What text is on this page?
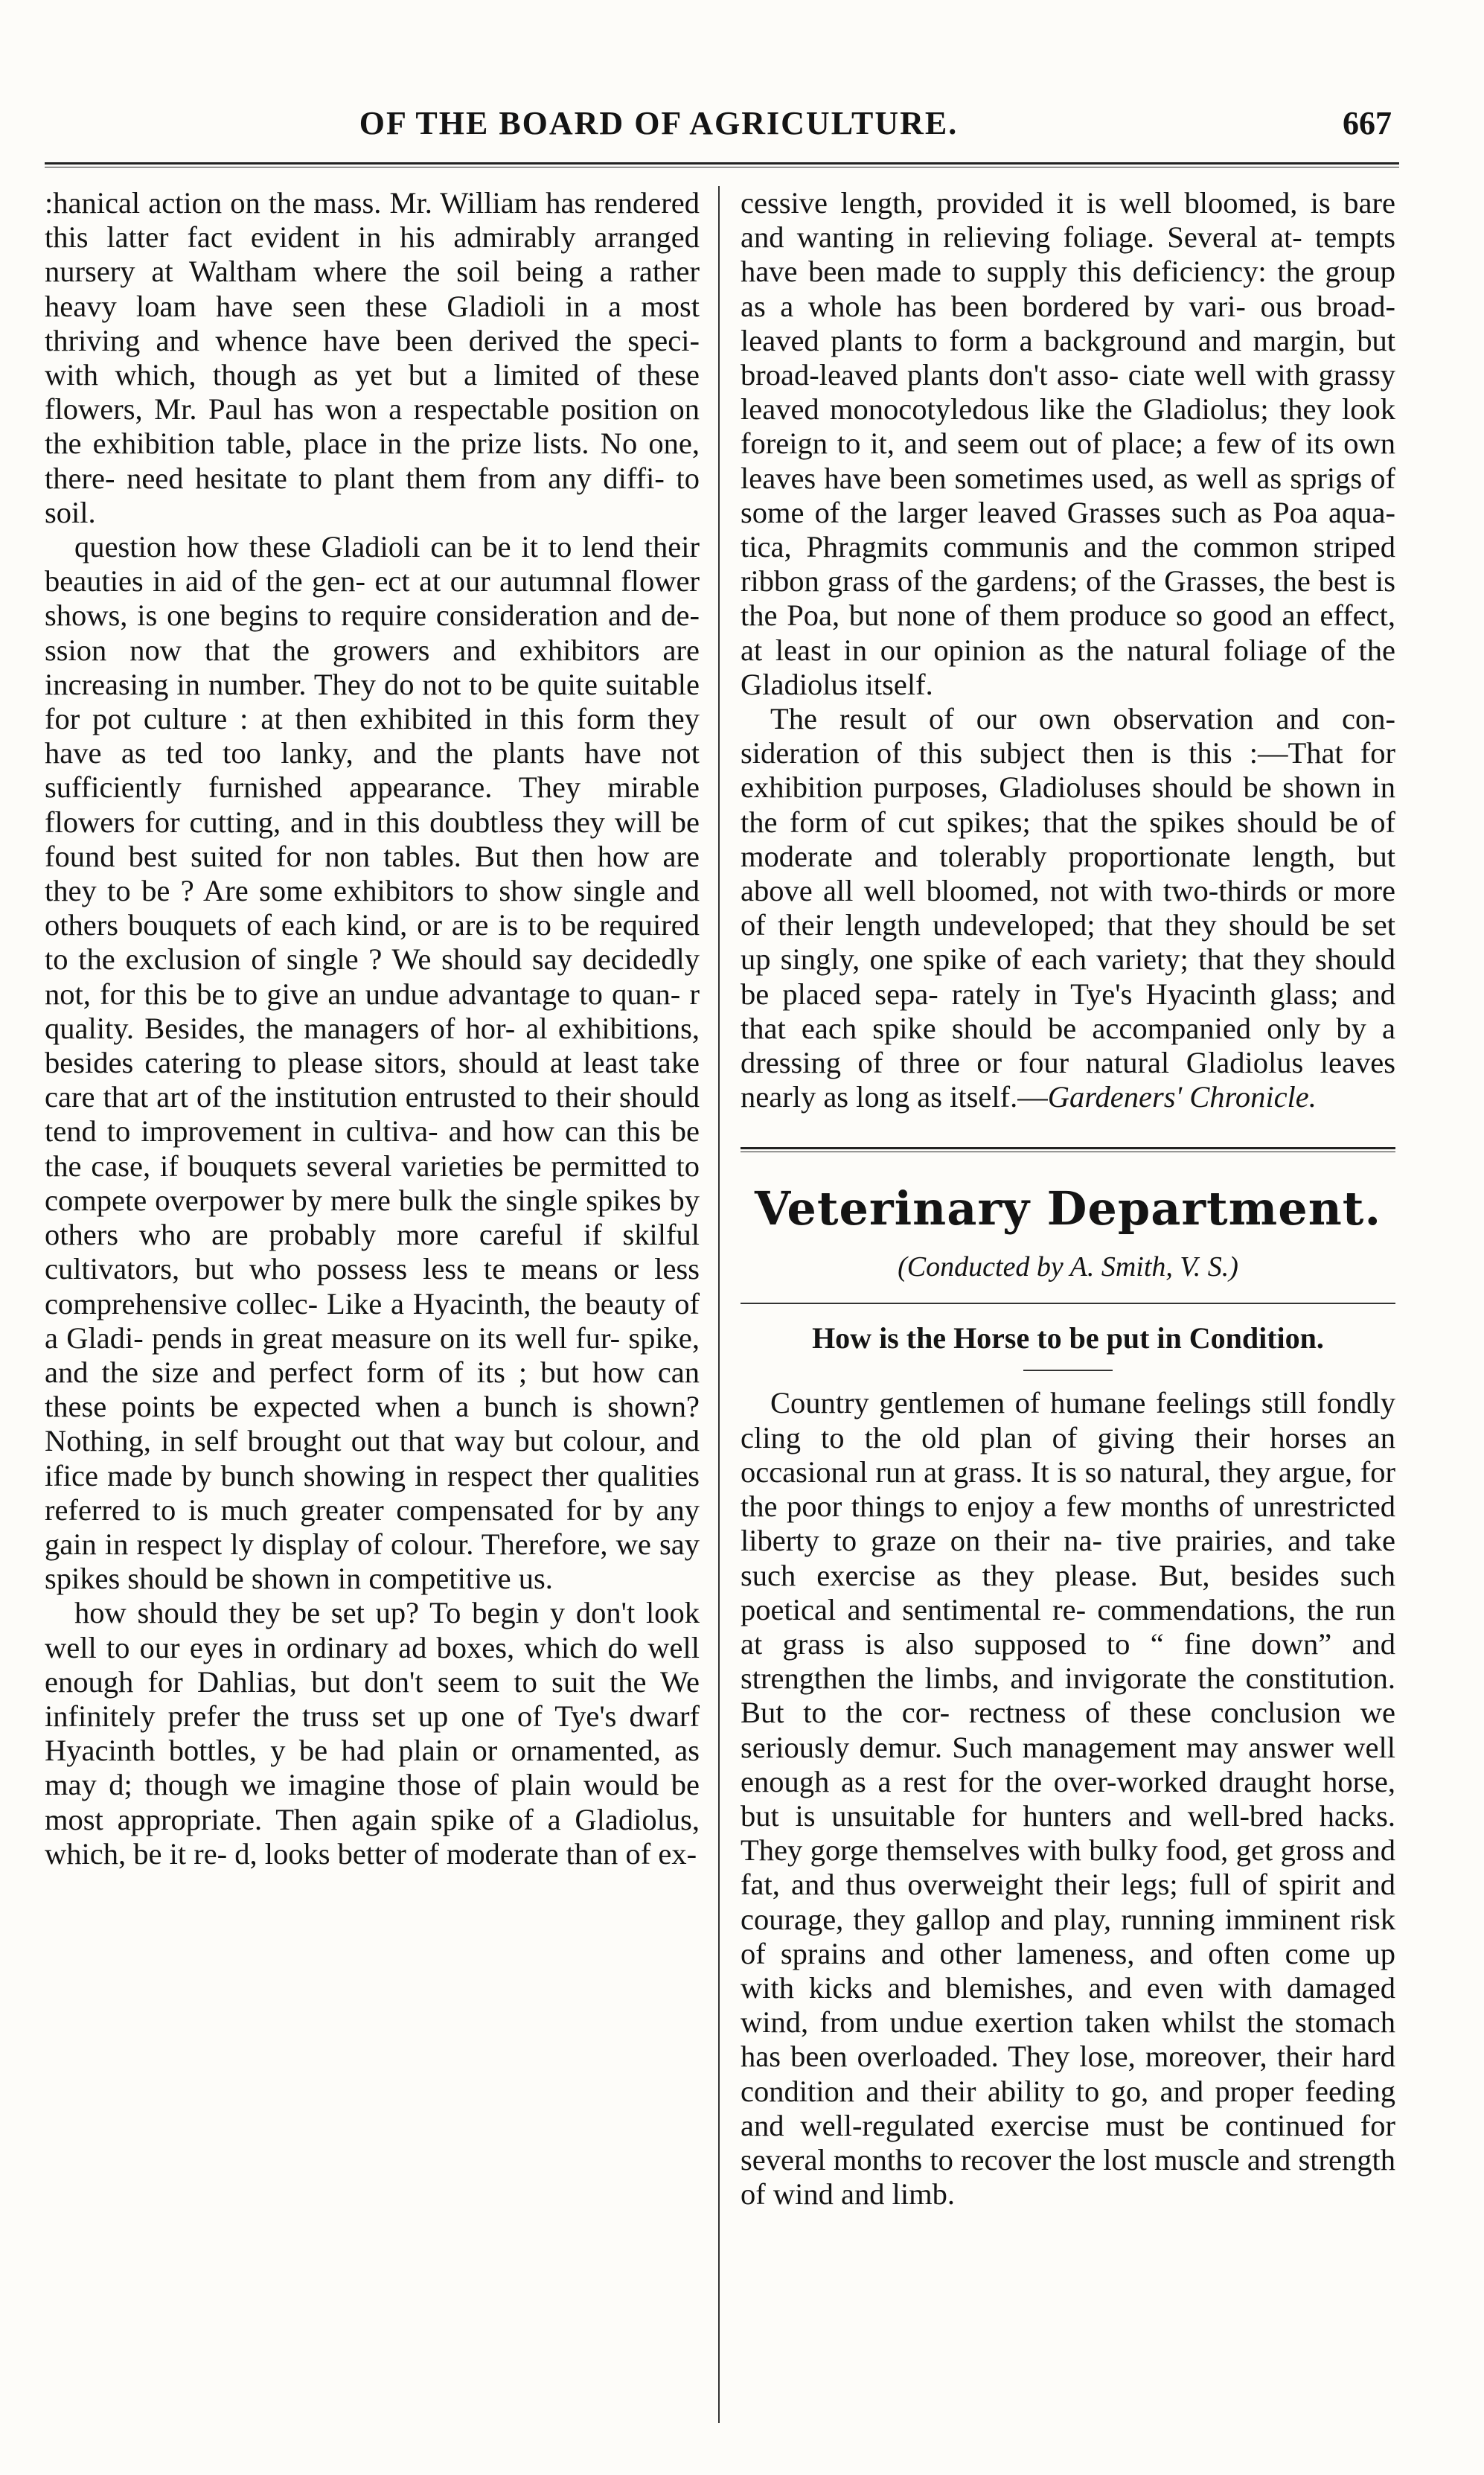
OF THE BOARD OF AGRICULTURE.	667

:hanical action on the mass. Mr. William has rendered this latter fact evident in his admirably arranged nursery at Waltham where the soil being a rather heavy loam have seen these Gladioli in a most thriving and whence have been derived the speci- with which, though as yet but a limited of these flowers, Mr. Paul has won a respectable position on the exhibition table, place in the prize lists. No one, there- need hesitate to plant them from any diffi- to soil.

question how these Gladioli can be it to lend their beauties in aid of the gen- ect at our autumnal flower shows, is one begins to require consideration and de- ssion now that the growers and exhibitors are increasing in number. They do not to be quite suitable for pot culture : at then exhibited in this form they have as ted too lanky, and the plants have not sufficiently furnished appearance. They mirable flowers for cutting, and in this doubtless they will be found best suited for non tables. But then how are they to be ? Are some exhibitors to show single and others bouquets of each kind, or are is to be required to the exclusion of single ? We should say decidedly not, for this be to give an undue advantage to quan- r quality. Besides, the managers of hor- al exhibitions, besides catering to please sitors, should at least take care that art of the institution entrusted to their should tend to improvement in cultiva- and how can this be the case, if bouquets several varieties be permitted to compete overpower by mere bulk the single spikes by others who are probably more careful if skilful cultivators, but who possess less te means or less comprehensive collec- Like a Hyacinth, the beauty of a Gladi- pends in great measure on its well fur- spike, and the size and perfect form of its ; but how can these points be expected when a bunch is shown? Nothing, in self brought out that way but colour, and ifice made by bunch showing in respect ther qualities referred to is much greater compensated for by any gain in respect ly display of colour. Therefore, we say spikes should be shown in competitive us.

how should they be set up? To begin y don't look well to our eyes in ordinary ad boxes, which do well enough for Dahlias, but don't seem to suit the We infinitely prefer the truss set up one of Tye's dwarf Hyacinth bottles, y be had plain or ornamented, as may d; though we imagine those of plain would be most appropriate. Then again spike of a Gladiolus, which, be it re- d, looks better of moderate than of ex-

cessive length, provided it is well bloomed, is bare and wanting in relieving foliage. Several at- tempts have been made to supply this deficiency: the group as a whole has been bordered by vari- ous broad-leaved plants to form a background and margin, but broad-leaved plants don't asso- ciate well with grassy leaved monocotyledous like the Gladiolus; they look foreign to it, and seem out of place; a few of its own leaves have been sometimes used, as well as sprigs of some of the larger leaved Grasses such as Poa aqua- tica, Phragmits communis and the common striped ribbon grass of the gardens; of the Grasses, the best is the Poa, but none of them produce so good an effect, at least in our opinion as the natural foliage of the Gladiolus itself.

The result of our own observation and con- sideration of this subject then is this :—That for exhibition purposes, Gladioluses should be shown in the form of cut spikes; that the spikes should be of moderate and tolerably proportionate length, but above all well bloomed, not with two-thirds or more of their length undeveloped; that they should be set up singly, one spike of each variety; that they should be placed sepa- rately in Tye's Hyacinth glass; and that each spike should be accompanied only by a dressing of three or four natural Gladiolus leaves nearly as long as itself.—Gardeners' Chronicle.

Veterinary Department.
(Conducted by A. Smith, V. S.)
How is the Horse to be put in Condition.

Country gentlemen of humane feelings still fondly cling to the old plan of giving their horses an occasional run at grass. It is so natural, they argue, for the poor things to enjoy a few months of unrestricted liberty to graze on their na- tive prairies, and take such exercise as they please. But, besides such poetical and sentimental re- commendations, the run at grass is also supposed to “ fine down” and strengthen the limbs, and invigorate the constitution. But to the cor- rectness of these conclusion we seriously demur. Such management may answer well enough as a rest for the over-worked draught horse, but is unsuitable for hunters and well-bred hacks. They gorge themselves with bulky food, get gross and fat, and thus overweight their legs; full of spirit and courage, they gallop and play, running imminent risk of sprains and other lameness, and often come up with kicks and blemishes, and even with damaged wind, from undue exertion taken whilst the stomach has been overloaded. They lose, moreover, their hard condition and their ability to go, and proper feeding and well-regulated exercise must be continued for several months to recover the lost muscle and strength of wind and limb.
